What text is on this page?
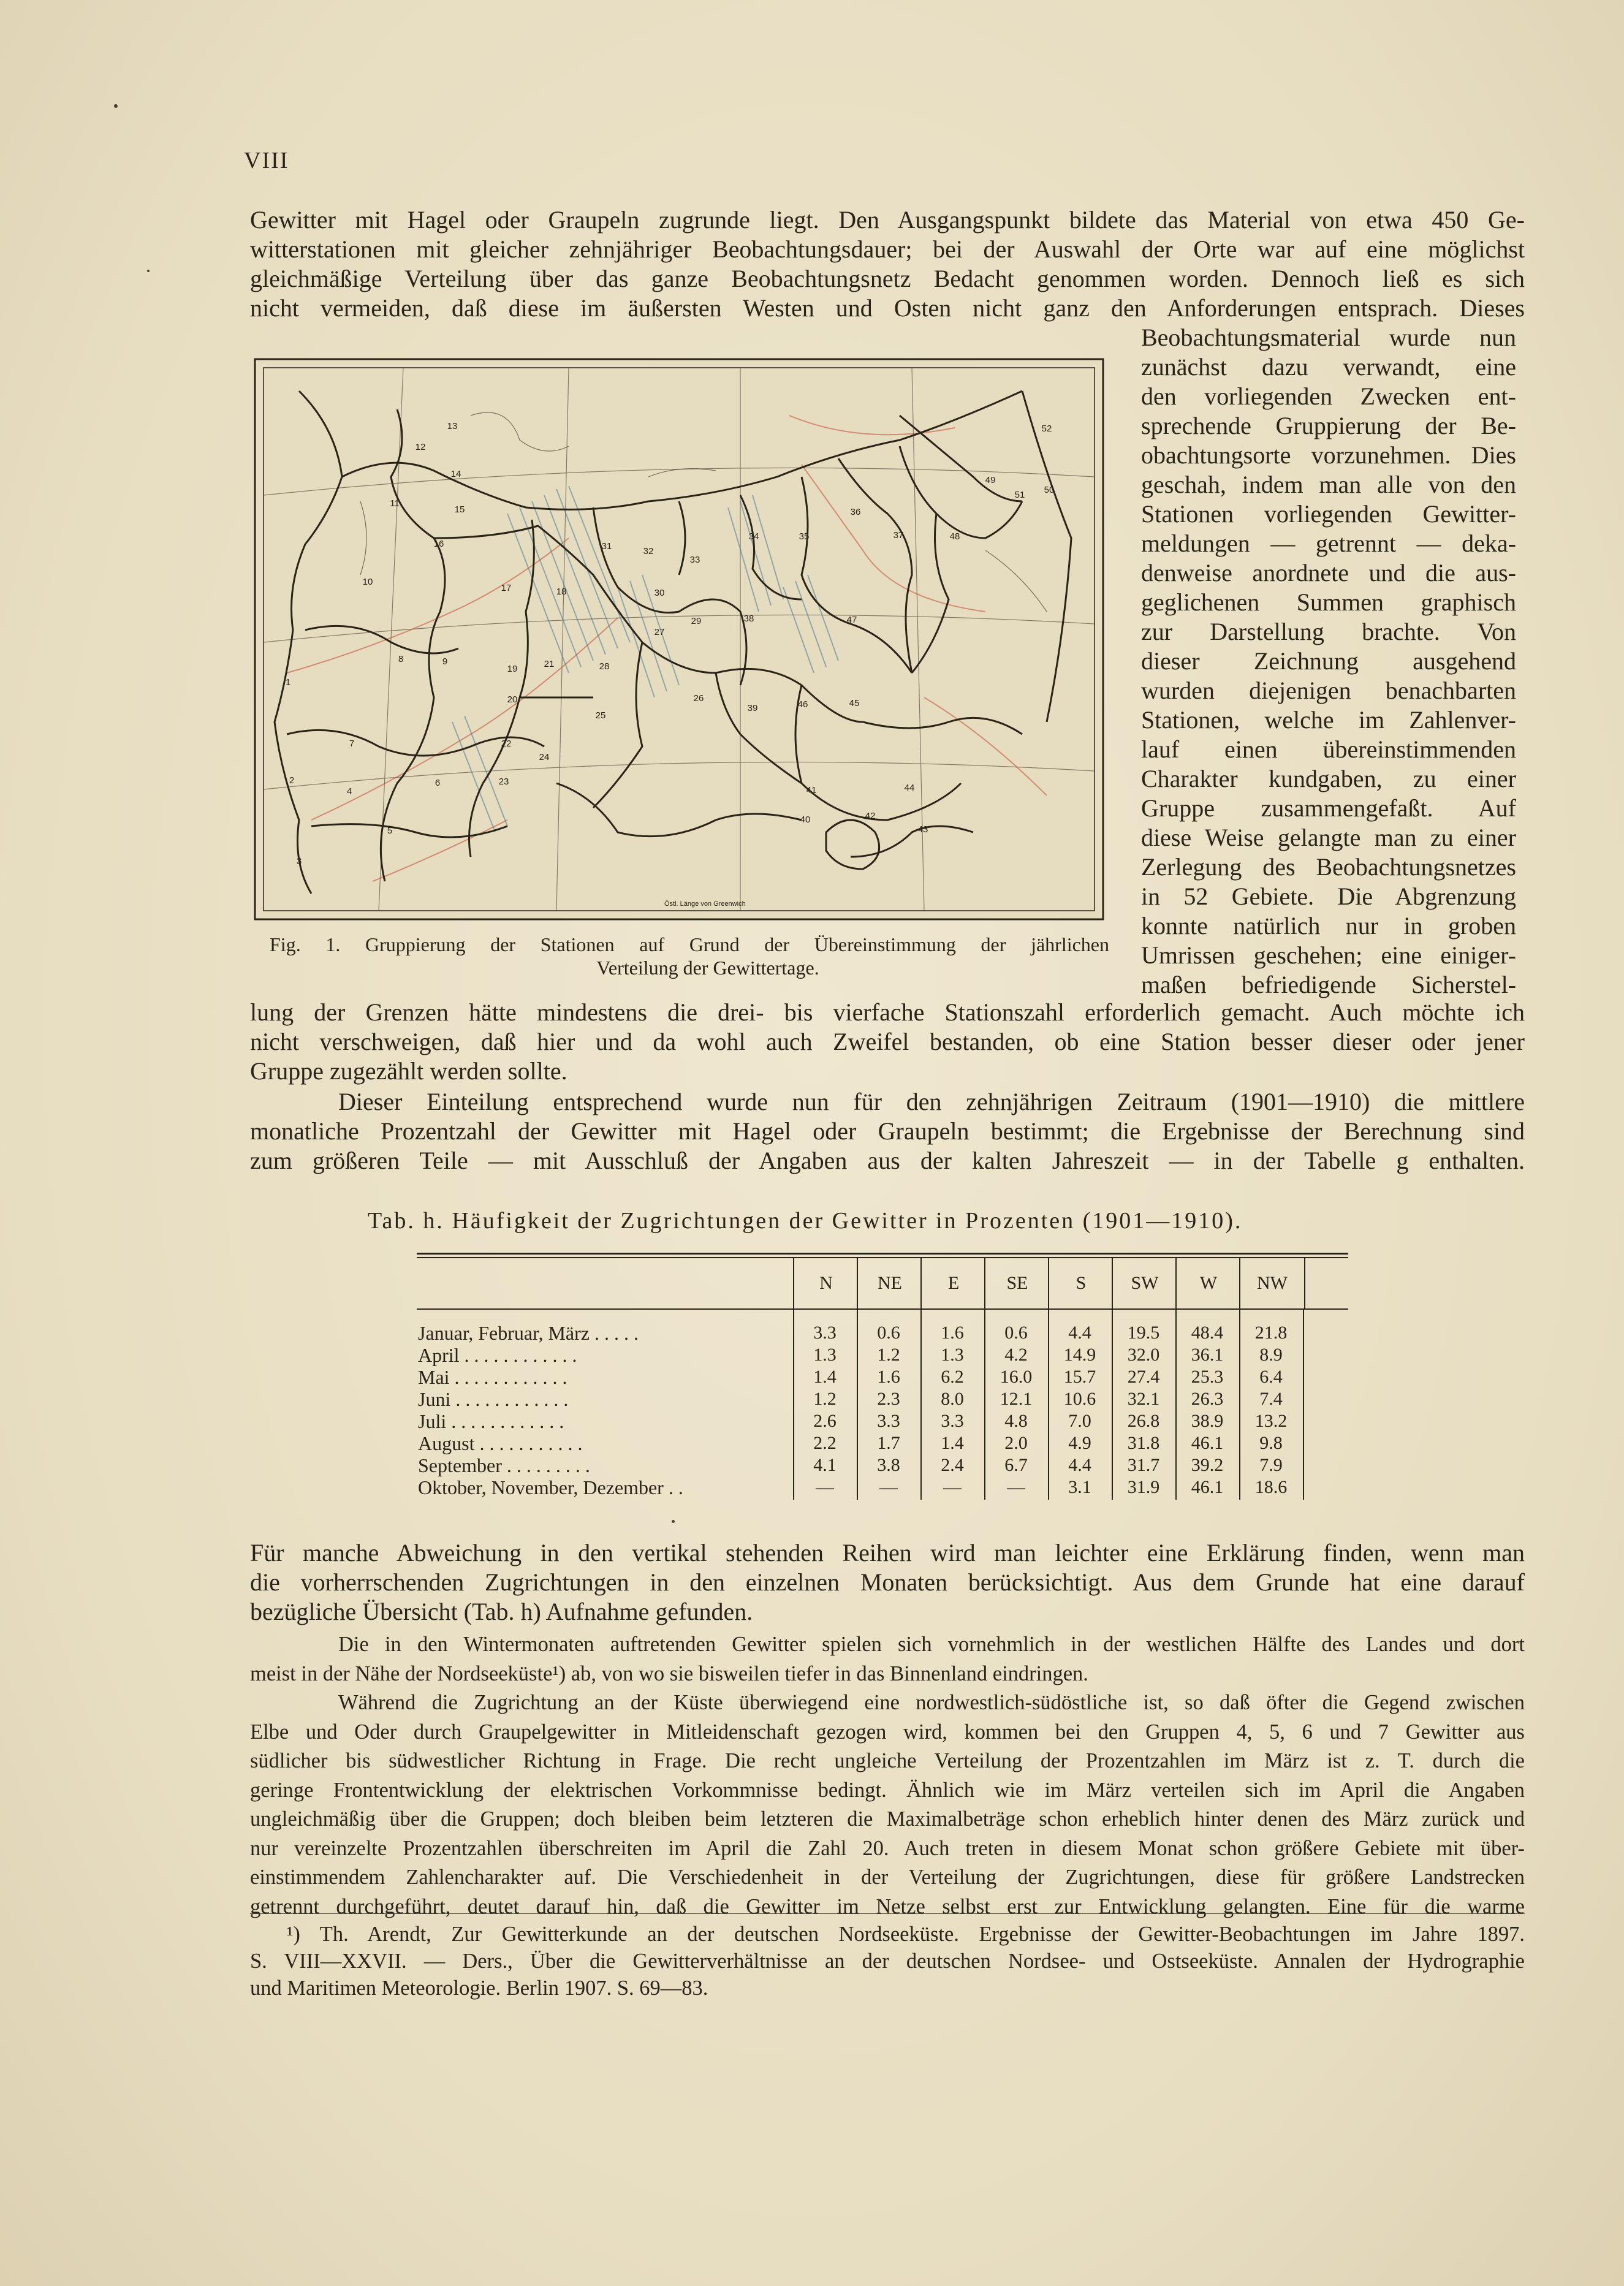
VIII
Gewitter mit Hagel oder Graupeln zugrunde liegt. Den Ausgangspunkt bildete das Material von etwa 450 Ge-
witterstationen mit gleicher zehnjähriger Beobachtungsdauer; bei der Auswahl der Orte war auf eine möglichst
gleichmäßige Verteilung über das ganze Beobachtungsnetz Bedacht genommen worden. Dennoch ließ es sich
nicht vermeiden, daß diese im äußersten Westen und Osten nicht ganz den Anforderungen entsprach. Dieses
Beobachtungsmaterial wurde nun
zunächst dazu verwandt, eine
den vorliegenden Zwecken ent-
sprechende Gruppierung der Be-
obachtungsorte vorzunehmen. Dies
geschah, indem man alle von den
Stationen vorliegenden Gewitter-
meldungen — getrennt — deka-
denweise anordnete und die aus-
geglichenen Summen graphisch
zur Darstellung brachte. Von
dieser Zeichnung ausgehend
wurden diejenigen benachbarten
Stationen, welche im Zahlenver-
lauf einen übereinstimmenden
Charakter kundgaben, zu einer
Gruppe zusammengefaßt. Auf
diese Weise gelangte man zu einer
Zerlegung des Beobachtungsnetzes
in 52 Gebiete. Die Abgrenzung
konnte natürlich nur in groben
Umrissen geschehen; eine einiger-
maßen befriedigende Sicherstel-
1
2
3
4
5
6
7
8	9
10
11
12
13
14
15
16
17	18
19
20
21
22
23
24
25
26
27
28
29
30
31	32
33
34	35
36
37
38
39
40
41
42
43
44
45
46
47
48
49
50
51
52
Östl. Länge von Greenwich
Fig. 1. Gruppierung der Stationen auf Grund der Übereinstimmung der jährlichen
Verteilung der Gewittertage.
lung der Grenzen hätte mindestens die drei- bis vierfache Stationszahl erforderlich gemacht. Auch möchte ich
nicht verschweigen, daß hier und da wohl auch Zweifel bestanden, ob eine Station besser dieser oder jener
Gruppe zugezählt werden sollte.
Dieser Einteilung entsprechend wurde nun für den zehnjährigen Zeitraum (1901—1910) die mittlere
monatliche Prozentzahl der Gewitter mit Hagel oder Graupeln bestimmt; die Ergebnisse der Berechnung sind
zum größeren Teile — mit Ausschluß der Angaben aus der kalten Jahreszeit — in der Tabelle g enthalten.
Tab. h. Häufigkeit der Zugrichtungen der Gewitter in Prozenten (1901—1910).
N	NE	E	SE	S	SW	W	NW
Januar, Februar, März . . . . .	3.3	0.6	1.6	0.6	4.4	19.5	48.4	21.8
April . . . . . . . . . . . .	1.3	1.2	1.3	4.2	14.9	32.0	36.1	8.9
Mai . . . . . . . . . . . .	1.4	1.6	6.2	16.0	15.7	27.4	25.3	6.4
Juni . . . . . . . . . . . .	1.2	2.3	8.0	12.1	10.6	32.1	26.3	7.4
Juli . . . . . . . . . . . .	2.6	3.3	3.3	4.8	7.0	26.8	38.9	13.2
August . . . . . . . . . . .	2.2	1.7	1.4	2.0	4.9	31.8	46.1	9.8
September . . . . . . . . .	4.1	3.8	2.4	6.7	4.4	31.7	39.2	7.9
Oktober, November, Dezember . .	—	—	—	—	3.1	31.9	46.1	18.6
Für manche Abweichung in den vertikal stehenden Reihen wird man leichter eine Erklärung finden, wenn man
die vorherrschenden Zugrichtungen in den einzelnen Monaten berücksichtigt. Aus dem Grunde hat eine darauf
bezügliche Übersicht (Tab. h) Aufnahme gefunden.
Die in den Wintermonaten auftretenden Gewitter spielen sich vornehmlich in der westlichen Hälfte des Landes und dort
meist in der Nähe der Nordseeküste¹) ab, von wo sie bisweilen tiefer in das Binnenland eindringen.
Während die Zugrichtung an der Küste überwiegend eine nordwestlich-südöstliche ist, so daß öfter die Gegend zwischen
Elbe und Oder durch Graupelgewitter in Mitleidenschaft gezogen wird, kommen bei den Gruppen 4, 5, 6 und 7 Gewitter aus
südlicher bis südwestlicher Richtung in Frage. Die recht ungleiche Verteilung der Prozentzahlen im März ist z. T. durch die
geringe Frontentwicklung der elektrischen Vorkommnisse bedingt. Ähnlich wie im März verteilen sich im April die Angaben
ungleichmäßig über die Gruppen; doch bleiben beim letzteren die Maximalbeträge schon erheblich hinter denen des März zurück und
nur vereinzelte Prozentzahlen überschreiten im April die Zahl 20. Auch treten in diesem Monat schon größere Gebiete mit über-
einstimmendem Zahlencharakter auf. Die Verschiedenheit in der Verteilung der Zugrichtungen, diese für größere Landstrecken
getrennt durchgeführt, deutet darauf hin, daß die Gewitter im Netze selbst erst zur Entwicklung gelangten. Eine für die warme
¹) Th. Arendt, Zur Gewitterkunde an der deutschen Nordseeküste. Ergebnisse der Gewitter-Beobachtungen im Jahre 1897.
S. VIII—XXVII. — Ders., Über die Gewitterverhältnisse an der deutschen Nordsee- und Ostseeküste. Annalen der Hydrographie
und Maritimen Meteorologie. Berlin 1907. S. 69—83.
